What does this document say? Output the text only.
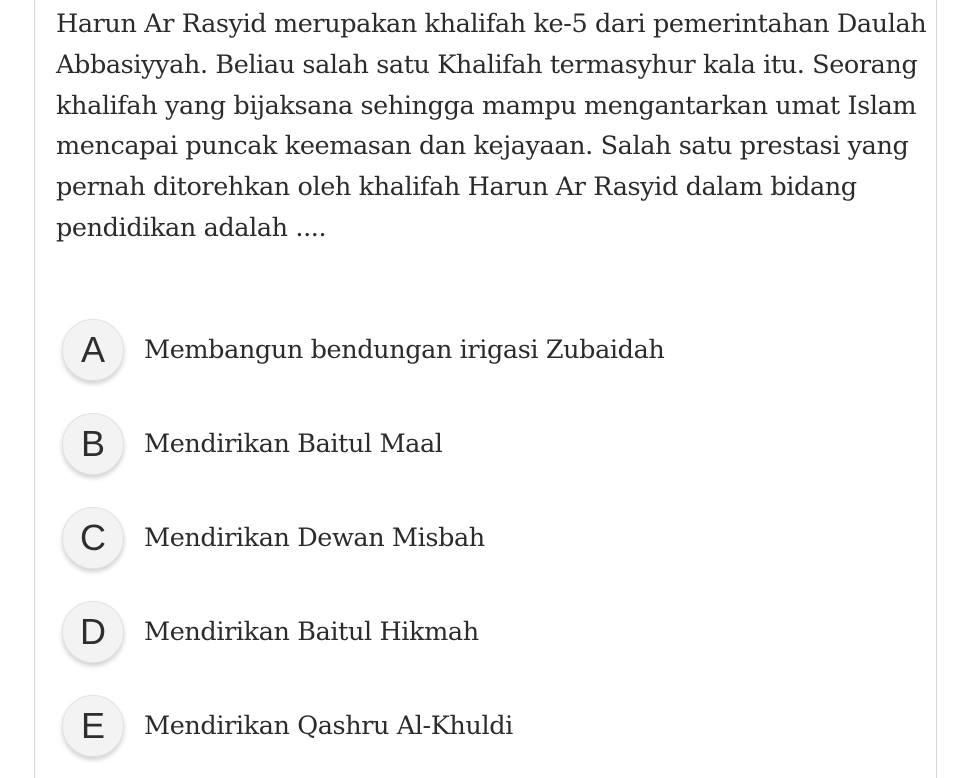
Harun Ar Rasyid merupakan khalifah ke-5 dari pemerintahan Daulah
Abbasiyyah. Beliau salah satu Khalifah termasyhur kala itu. Seorang
khalifah yang bijaksana sehingga mampu mengantarkan umat Islam
mencapai puncak keemasan dan kejayaan. Salah satu prestasi yang
pernah ditorehkan oleh khalifah Harun Ar Rasyid dalam bidang
pendidikan adalah ....

A	Membangun bendungan irigasi Zubaidah
B	Mendirikan Baitul Maal
C	Mendirikan Dewan Misbah
D	Mendirikan Baitul Hikmah
E	Mendirikan Qashru Al-Khuldi
